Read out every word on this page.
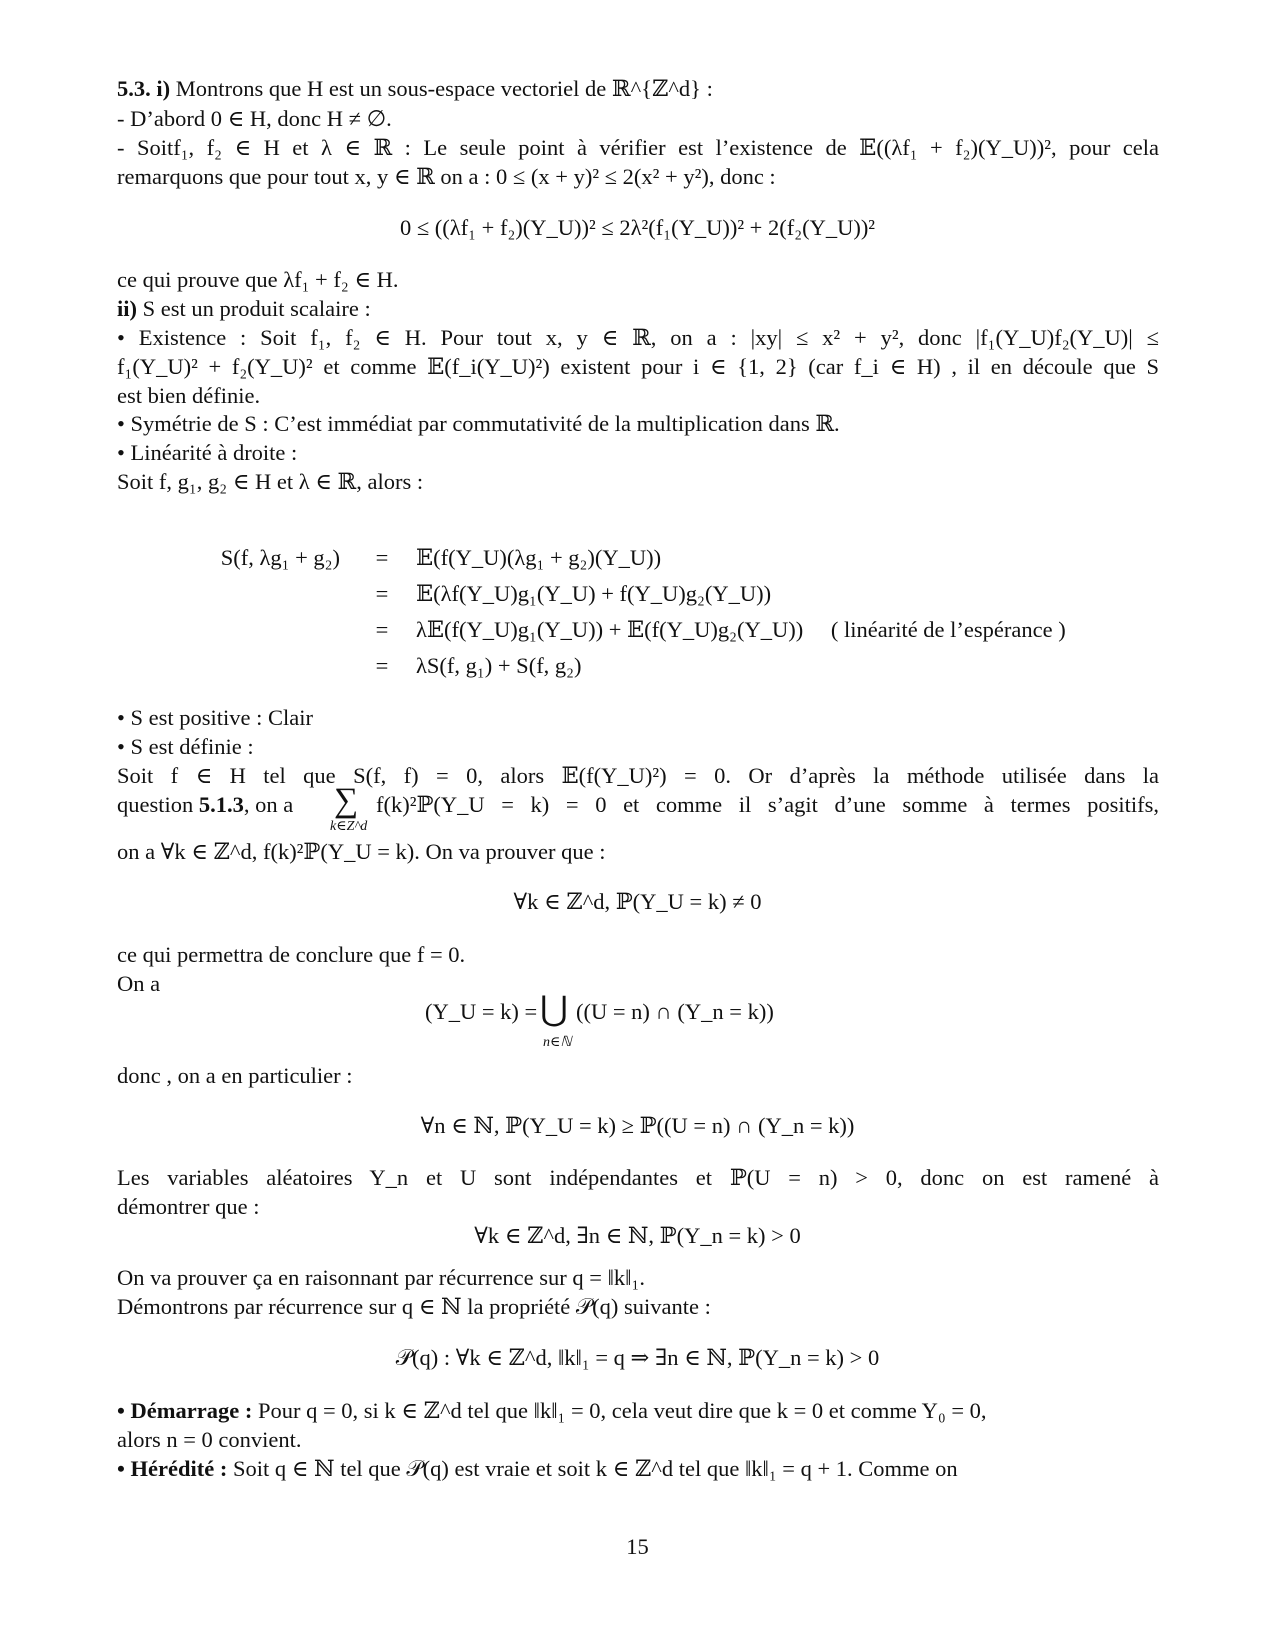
5.3. i) Montrons que H est un sous-espace vectoriel de ℝ^{ℤ^d} :
- D’abord 0 ∈ H, donc H ≠ ∅.
- Soitf₁, f₂ ∈ H et λ ∈ ℝ : Le seule point à vérifier est l’existence de 𝔼((λf₁ + f₂)(Y_U))², pour cela
remarquons que pour tout x, y ∈ ℝ on a : 0 ≤ (x + y)² ≤ 2(x² + y²), donc :
0 ≤ ((λf₁ + f₂)(Y_U))² ≤ 2λ²(f₁(Y_U))² + 2(f₂(Y_U))²
ce qui prouve que λf₁ + f₂ ∈ H.
ii) S est un produit scalaire :
• Existence : Soit f₁, f₂ ∈ H. Pour tout x, y ∈ ℝ, on a : |xy| ≤ x² + y², donc |f₁(Y_U)f₂(Y_U)| ≤
f₁(Y_U)² + f₂(Y_U)² et comme 𝔼(f_i(Y_U)²) existent pour i ∈ {1, 2} (car f_i ∈ H) , il en découle que S
est bien définie.
• Symétrie de S : C’est immédiat par commutativité de la multiplication dans ℝ.
• Linéarité à droite :
Soit f, g₁, g₂ ∈ H et λ ∈ ℝ, alors :
S(f, λg₁ + g₂)	=	𝔼(f(Y_U)(λg₁ + g₂)(Y_U))
	=	𝔼(λf(Y_U)g₁(Y_U) + f(Y_U)g₂(Y_U))
	=	λ𝔼(f(Y_U)g₁(Y_U)) + 𝔼(f(Y_U)g₂(Y_U)) ( linéarité de l’espérance )
	=	λS(f, g₁) + S(f, g₂)
• S est positive : Clair
• S est définie :
Soit f ∈ H tel que S(f, f) = 0, alors 𝔼(f(Y_U)²) = 0. Or d’après la méthode utilisée dans la
question 5.1.3, on a	∑
k∈Z^d
f(k)²ℙ(Y_U = k) = 0 et comme il s’agit d’une somme à termes positifs,
on a ∀k ∈ ℤ^d, f(k)²ℙ(Y_U = k). On va prouver que :
∀k ∈ ℤ^d, ℙ(Y_U = k) ≠ 0
ce qui permettra de conclure que f = 0.
On a
(Y_U = k) = ⋃
n∈ℕ
((U = n) ∩ (Y_n = k))
donc , on a en particulier :
∀n ∈ ℕ, ℙ(Y_U = k) ≥ ℙ((U = n) ∩ (Y_n = k))
Les variables aléatoires Y_n et U sont indépendantes et ℙ(U = n) > 0, donc on est ramené à
démontrer que :
∀k ∈ ℤ^d, ∃n ∈ ℕ, ℙ(Y_n = k) > 0
On va prouver ça en raisonnant par récurrence sur q = ‖k‖₁.
Démontrons par récurrence sur q ∈ ℕ la propriété 𝒫(q) suivante :
𝒫(q) : ∀k ∈ ℤ^d, ‖k‖₁ = q ⇒ ∃n ∈ ℕ, ℙ(Y_n = k) > 0
• Démarrage : Pour q = 0, si k ∈ ℤ^d tel que ‖k‖₁ = 0, cela veut dire que k = 0 et comme Y₀ = 0,
alors n = 0 convient.
• Hérédité : Soit q ∈ ℕ tel que 𝒫(q) est vraie et soit k ∈ ℤ^d tel que ‖k‖₁ = q + 1. Comme on
15
